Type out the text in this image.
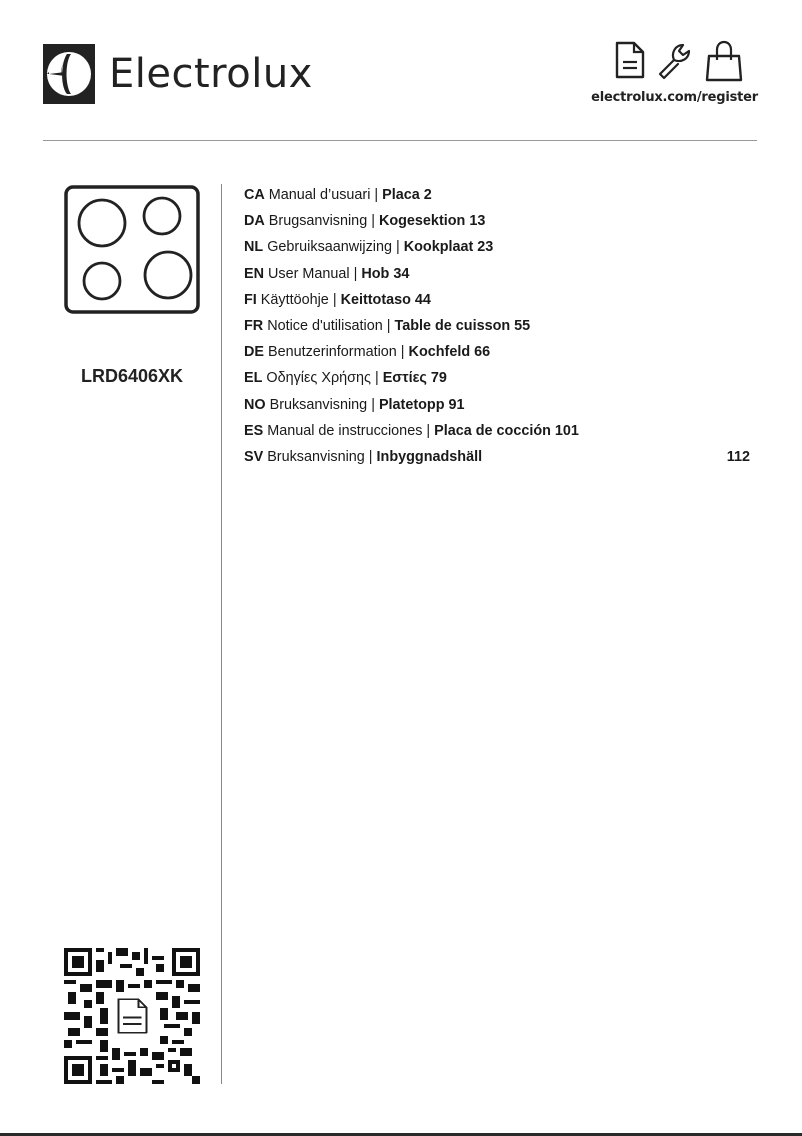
Electrolux
electrolux.com/register
LRD6406XK
CA Manual d’usuari
|
Placa
2
DA Brugsanvisning
|
Kogesektion
13
NL Gebruiksaanwijzing
|
Kookplaat
23
EN User Manual
|
Hob
34
FI Käyttöohje
|
Keittotaso
44
FR Notice d'utilisation
|
Table de cuisson
55
DE Benutzerinformation
|
Kochfeld
66
EL Οδηγίες Χρήσης
|
Εστίες
79
NO Bruksanvisning
|
Platetopp
91
ES Manual de instrucciones
|
Placa de cocción
101
SV Bruksanvisning
|
Inbyggnadshäll	112
